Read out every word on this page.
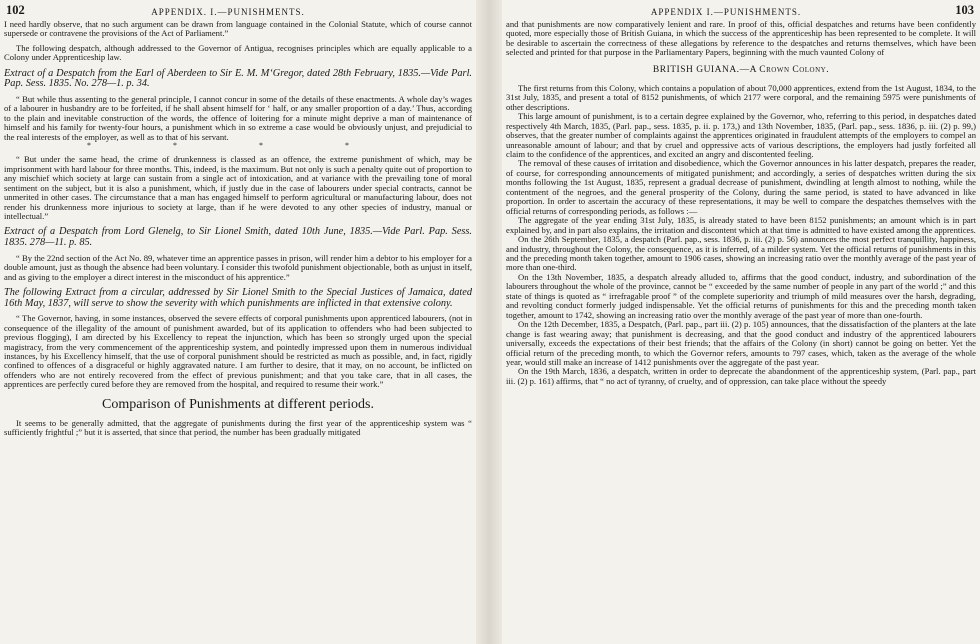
102	APPENDIX. I.—PUNISHMENTS.

I need hardly observe, that no such argument can be drawn from language contained in the Colonial Statute, which of course cannot supersede or contravene the provisions of the Act of Parliament.”

The following despatch, although addressed to the Governor of Antigua, recognises principles which are equally applicable to a Colony under Apprenticeship law.

Extract of a Despatch from the Earl of Aberdeen to Sir E. M. M‘Gregor, dated 28th February, 1835.—Vide Parl. Pap. Sess. 1835. No. 278—1. p. 34.

“ But while thus assenting to the general principle, I cannot concur in some of the details of these enactments. A whole day’s wages of a labourer in husbandry are to be forfeited, if he shall absent himself for ‘ half, or any smaller proportion of a day.’ Thus, according to the plain and inevitable construction of the words, the offence of loitering for a minute might deprive a man of maintenance of himself and his family for twenty-four hours, a punishment which in so extreme a case would be obviously unjust, and prejudicial to the real interests of the employer, as well as to that of his servant.

* * * *

“ But under the same head, the crime of drunkenness is classed as an offence, the extreme punishment of which, may be imprisonment with hard labour for three months. This, indeed, is the maximum. But not only is such a penalty quite out of proportion to any mischief which society at large can sustain from a single act of intoxication, and at variance with the prevailing tone of moral sentiment on the subject, but it is also a punishment, which, if justly due in the case of labourers under special contracts, cannot be unmerited in other cases. The circumstance that a man has engaged himself to perform agricultural or manufacturing labour, does not render his drunkenness more injurious to society at large, than if he were devoted to any other species of industry, manual or intellectual.”

Extract of a Despatch from Lord Glenelg, to Sir Lionel Smith, dated 10th June, 1835.—Vide Parl. Pap. Sess. 1835. 278—11. p. 85.

“ By the 22nd section of the Act No. 89, whatever time an apprentice passes in prison, will render him a debtor to his employer for a double amount, just as though the absence had been voluntary. I consider this twofold punishment objectionable, both as unjust in itself, and as giving to the employer a direct interest in the misconduct of his apprentice.”

The following Extract from a circular, addressed by Sir Lionel Smith to the Special Justices of Jamaica, dated 16th May, 1837, will serve to show the severity with which punishments are inflicted in that extensive colony.

“ The Governor, having, in some instances, observed the severe effects of corporal punishments upon apprenticed labourers, (not in consequence of the illegality of the amount of punishment awarded, but of its application to offenders who had been subjected to previous flogging), I am directed by his Excellency to repeat the injunction, which has been so strongly urged upon the special magistracy, from the very commencement of the apprenticeship system, and pointedly impressed upon them in numerous individual instances, by his Excellency himself, that the use of corporal punishment should be restricted as much as possible, and, in fact, rigidly confined to offences of a disgraceful or highly aggravated nature. I am further to desire, that it may, on no account, be inflicted on offenders who are not entirely recovered from the effect of previous punishment; and that you take care, that in all cases, the apprentices are perfectly cured before they are removed from the hospital, and required to resume their work.”

Comparison of Punishments at different periods.

It seems to be generally admitted, that the aggregate of punishments during the first year of the apprenticeship system was “ sufficiently frightful ;” but it is asserted, that since that period, the number has been gradually mitigated

APPENDIX I.—PUNISHMENTS.	103

and that punishments are now comparatively lenient and rare. In proof of this, official despatches and returns have been confidently quoted, more especially those of British Guiana, in which the success of the apprenticeship has been represented to be complete. It will be desirable to ascertain the correctness of these allegations by reference to the despatches and returns themselves, which have been selected and printed for that purpose in the Parliamentary Papers, beginning with the much vaunted Colony of

BRITISH GUIANA.—A Crown Colony.

The first returns from this Colony, which contains a population of about 70,000 apprentices, extend from the 1st August, 1834, to the 31st July, 1835, and present a total of 8152 punishments, of which 2177 were corporal, and the remaining 5975 were punishments of other descriptions.

This large amount of punishment, is to a certain degree explained by the Governor, who, referring to this period, in despatches dated respectively 4th March, 1835, (Parl. pap., sess. 1835, p. ii. p. 173,) and 13th November, 1835, (Parl. pap., sess. 1836, p. iii. (2) p. 99,) observes, that the greater number of complaints against the apprentices originated in fraudulent attempts of the employers to compel an unreasonable amount of labour; and that by cruel and oppressive acts of various descriptions, the employers had justly forfeited all claim to the confidence of the apprentices, and excited an angry and discontented feeling.

The removal of these causes of irritation and disobedience, which the Governor announces in his latter despatch, prepares the reader, of course, for corresponding announcements of mitigated punishment; and accordingly, a series of despatches written during the six months following the 1st August, 1835, represent a gradual decrease of punishment, dwindling at length almost to nothing, while the contentment of the negroes, and the general prosperity of the Colony, during the same period, is stated to have advanced in like proportion. In order to ascertain the accuracy of these representations, it may be well to compare the despatches themselves with the official returns of corresponding periods, as follows :—

The aggregate of the year ending 31st July, 1835, is already stated to have been 8152 punishments; an amount which is in part explained by, and in part also explains, the irritation and discontent which at that time is admitted to have existed among the apprentices.

On the 26th September, 1835, a despatch (Parl. pap., sess. 1836, p. iii. (2) p. 56) announces the most perfect tranquillity, happiness, and industry, throughout the Colony, the consequence, as it is inferred, of a milder system. Yet the official returns of punishments in this and the preceding month taken together, amount to 1906 cases, showing an increasing ratio over the monthly average of the past year of more than one-third.

On the 13th November, 1835, a despatch already alluded to, affirms that the good conduct, industry, and subordination of the labourers throughout the whole of the province, cannot be “ exceeded by the same number of people in any part of the world ;” and this state of things is quoted as “ irrefragable proof ” of the complete superiority and triumph of mild measures over the harsh, degrading, and revolting conduct formerly judged indispensable. Yet the official returns of punishments for this and the preceding month taken together, amount to 1742, showing an increasing ratio over the monthly average of the past year of more than one-fourth.

On the 12th December, 1835, a Despatch, (Parl. pap., part iii. (2) p. 105) announces, that the dissatisfaction of the planters at the late change is fast wearing away; that punishment is decreasing, and that the good conduct and industry of the apprenticed labourers universally, exceeds the expectations of their best friends; that the affairs of the Colony (in short) cannot be going on better. Yet the official return of the preceding month, to which the Governor refers, amounts to 797 cases, which, taken as the average of the whole year, would still make an increase of 1412 punishments over the aggregate of the past year.

On the 19th March, 1836, a despatch, written in order to deprecate the abandonment of the apprenticeship system, (Parl. pap., part iii. (2) p. 161) affirms, that “ no act of tyranny, of cruelty, and of oppression, can take place without the speedy
